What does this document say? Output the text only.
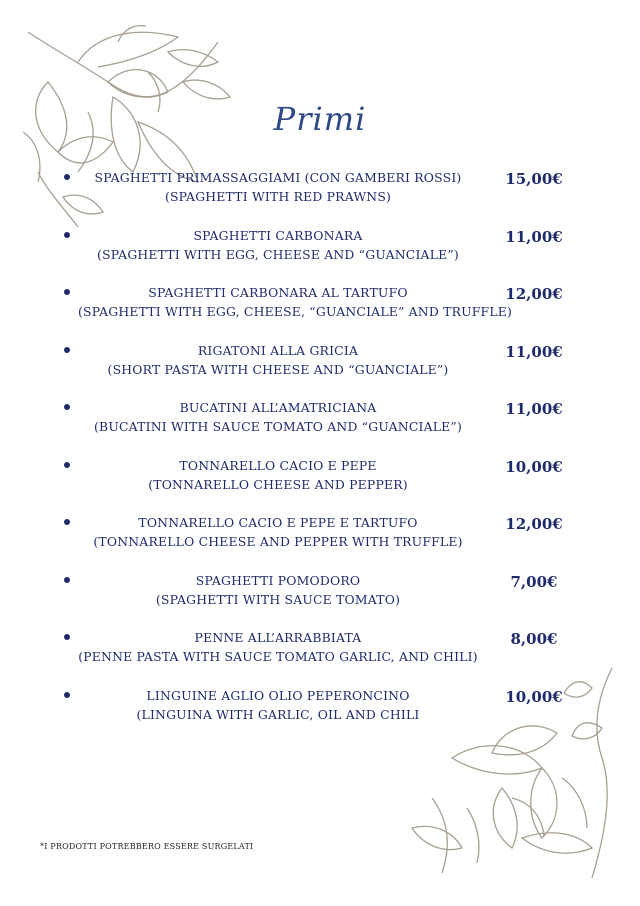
Primi
SPAGHETTI PRIMASSAGGIAMI (CON GAMBERI ROSSI)
(SPAGHETTI WITH RED PRAWNS)
15,00€
SPAGHETTI CARBONARA
(SPAGHETTI WITH EGG, CHEESE AND “GUANCIALE”)
11,00€
SPAGHETTI CARBONARA AL TARTUFO
(SPAGHETTI WITH EGG, CHEESE, “GUANCIALE” AND TRUFFLE)
12,00€
RIGATONI ALLA GRICIA
(SHORT PASTA WITH CHEESE AND “GUANCIALE”)
11,00€
BUCATINI ALL’AMATRICIANA
(BUCATINI WITH SAUCE TOMATO AND “GUANCIALE”)
11,00€
TONNARELLO CACIO E PEPE
(TONNARELLO CHEESE AND PEPPER)
10,00€
TONNARELLO CACIO E PEPE E TARTUFO
(TONNARELLO CHEESE AND PEPPER WITH TRUFFLE)
12,00€
SPAGHETTI POMODORO
(SPAGHETTI WITH SAUCE TOMATO)
7,00€
PENNE ALL’ARRABBIATA
(PENNE PASTA WITH SAUCE TOMATO GARLIC, AND CHILI)
8,00€
LINGUINE AGLIO OLIO PEPERONCINO
(LINGUINA WITH GARLIC, OIL AND CHILI
10,00€
*I PRODOTTI POTREBBERO ESSERE SURGELATI
